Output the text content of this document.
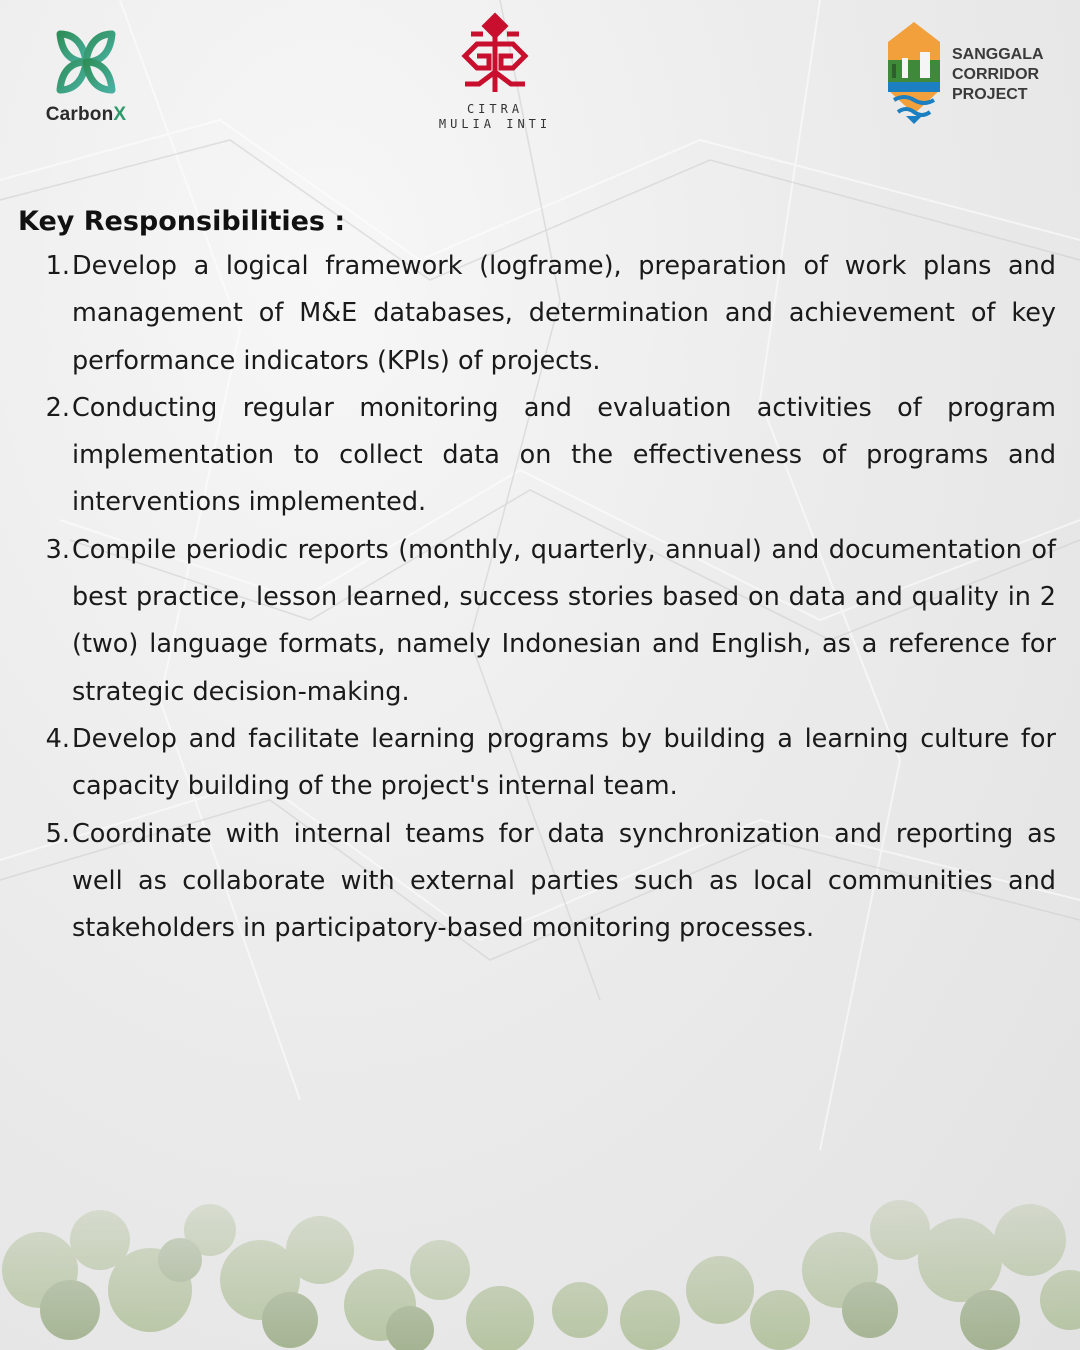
CarbonX	CITRA
MULIA INTI
SANGGALA
CORRIDOR
PROJECT
Key Responsibilities :
1. Develop a logical framework (logframe), preparation of work plans and management of M&E databases, determination and achievement of key performance indicators (KPIs) of projects.
2. Conducting regular monitoring and evaluation activities of program implementation to collect data on the effectiveness of programs and interventions implemented.
3. Compile periodic reports (monthly, quarterly, annual) and documentation of best practice, lesson learned, success stories based on data and quality in 2 (two) language formats, namely Indonesian and English, as a reference for strategic decision-making.
4. Develop and facilitate learning programs by building a learning culture for capacity building of the project's internal team.
5. Coordinate with internal teams for data synchronization and reporting as well as collaborate with external parties such as local communities and stakeholders in participatory-based monitoring processes.
